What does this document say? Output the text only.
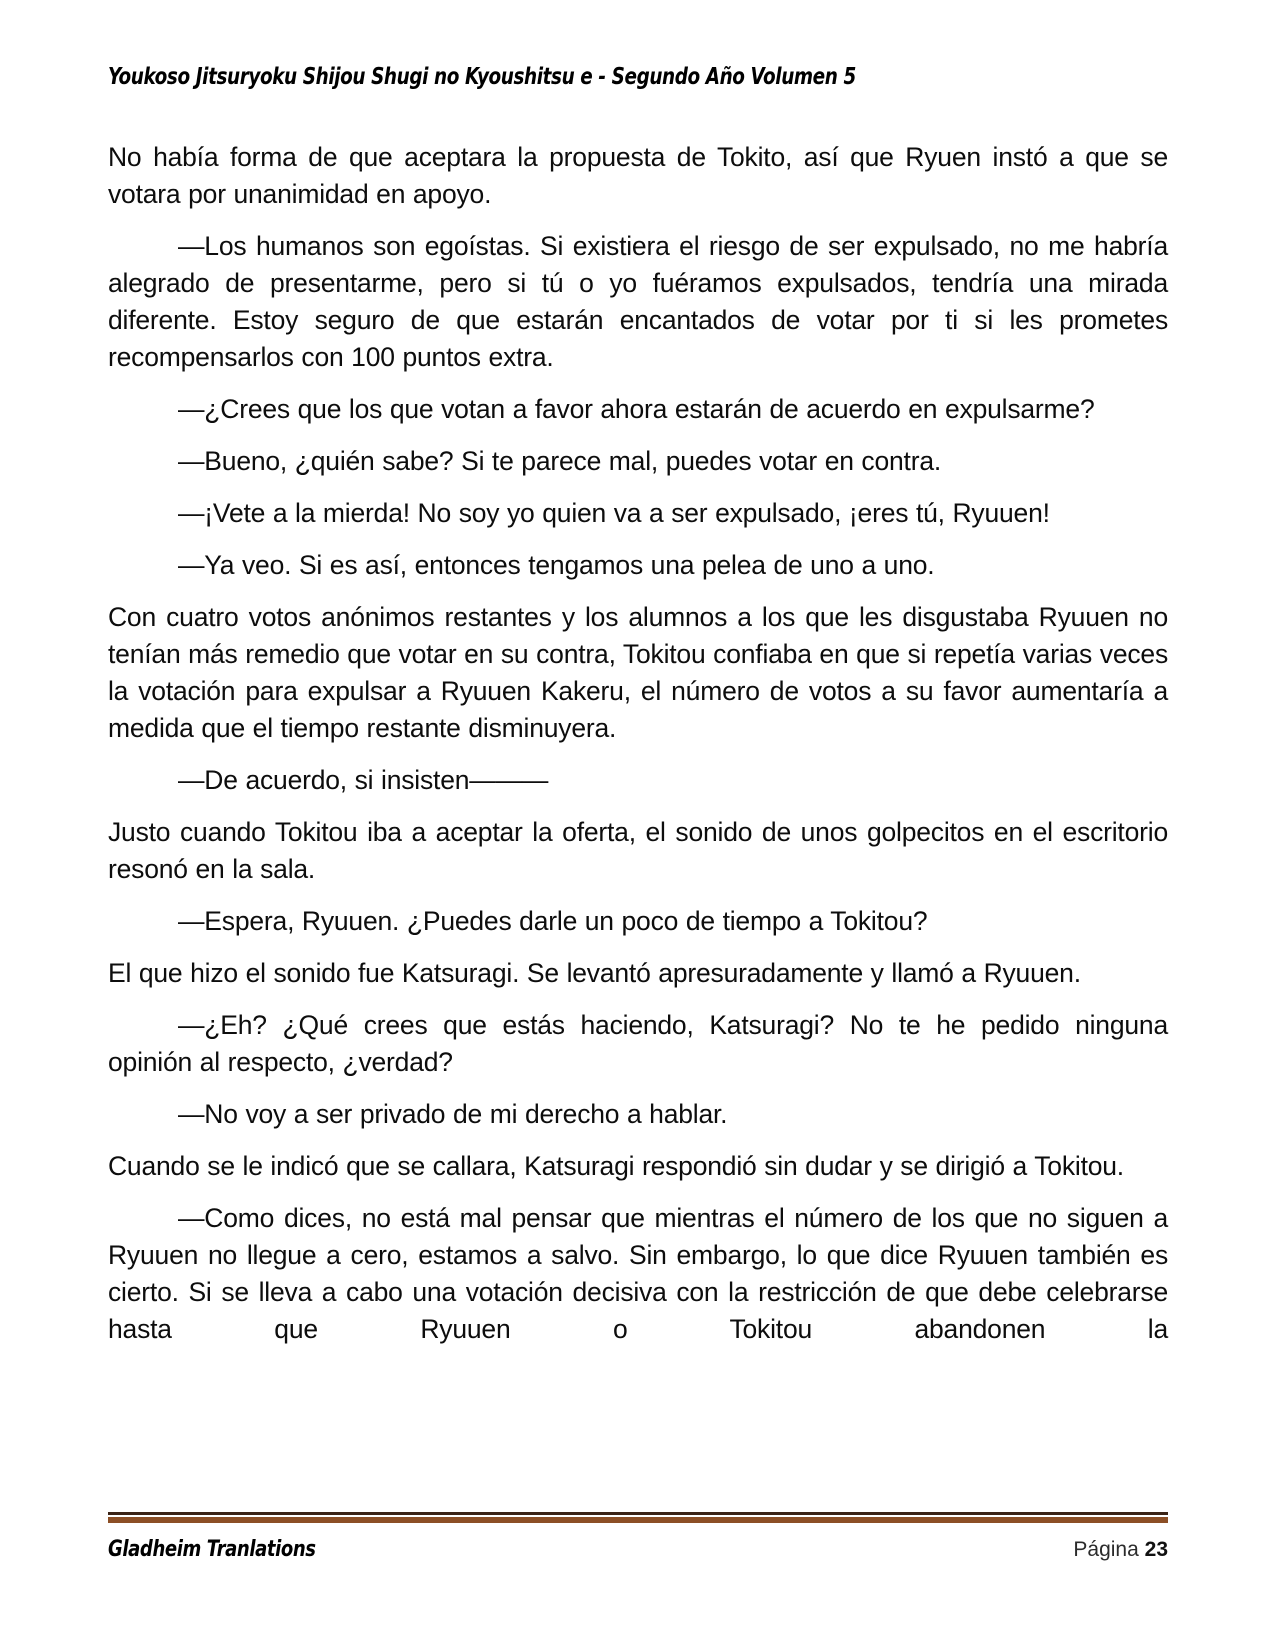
Youkoso Jitsuryoku Shijou Shugi no Kyoushitsu e - Segundo Año Volumen 5

No había forma de que aceptara la propuesta de Tokito, así que Ryuen instó a que se votara por unanimidad en apoyo.

—Los humanos son egoístas. Si existiera el riesgo de ser expulsado, no me habría alegrado de presentarme, pero si tú o yo fuéramos expulsados, tendría una mirada diferente. Estoy seguro de que estarán encantados de votar por ti si les prometes recompensarlos con 100 puntos extra.

—¿Crees que los que votan a favor ahora estarán de acuerdo en expulsarme?

—Bueno, ¿quién sabe? Si te parece mal, puedes votar en contra.

—¡Vete a la mierda! No soy yo quien va a ser expulsado, ¡eres tú, Ryuuen!

—Ya veo. Si es así, entonces tengamos una pelea de uno a uno.

Con cuatro votos anónimos restantes y los alumnos a los que les disgustaba Ryuuen no tenían más remedio que votar en su contra, Tokitou confiaba en que si repetía varias veces la votación para expulsar a Ryuuen Kakeru, el número de votos a su favor aumentaría a medida que el tiempo restante disminuyera.

—De acuerdo, si insisten———

Justo cuando Tokitou iba a aceptar la oferta, el sonido de unos golpecitos en el escritorio resonó en la sala.

—Espera, Ryuuen. ¿Puedes darle un poco de tiempo a Tokitou?

El que hizo el sonido fue Katsuragi. Se levantó apresuradamente y llamó a Ryuuen.

—¿Eh? ¿Qué crees que estás haciendo, Katsuragi? No te he pedido ninguna opinión al respecto, ¿verdad?

—No voy a ser privado de mi derecho a hablar.

Cuando se le indicó que se callara, Katsuragi respondió sin dudar y se dirigió a Tokitou.

—Como dices, no está mal pensar que mientras el número de los que no siguen a Ryuuen no llegue a cero, estamos a salvo. Sin embargo, lo que dice Ryuuen también es cierto. Si se lleva a cabo una votación decisiva con la restricción de que debe celebrarse hasta que Ryuuen o Tokitou abandonen la

Gladheim Tranlations	Página 23
